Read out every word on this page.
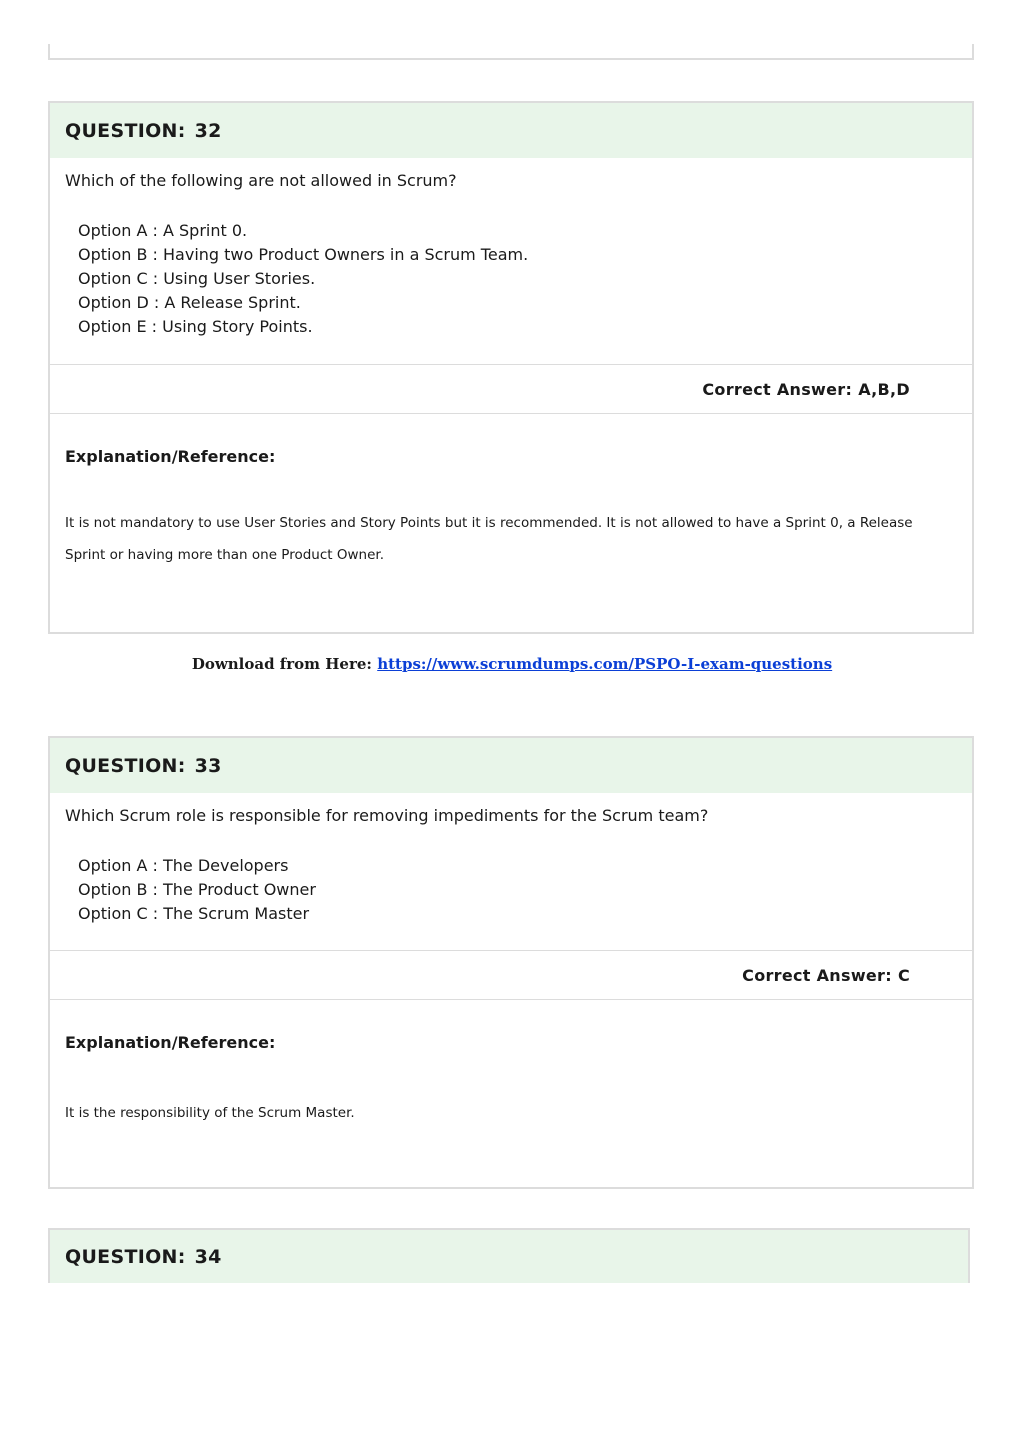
QUESTION: 32
Which of the following are not allowed in Scrum?
Option A : A Sprint 0.
Option B : Having two Product Owners in a Scrum Team.
Option C : Using User Stories.
Option D : A Release Sprint.
Option E : Using Story Points.
Correct Answer: A,B,D
Explanation/Reference:
It is not mandatory to use User Stories and Story Points but it is recommended. It is not allowed to have a Sprint 0, a Release Sprint or having more than one Product Owner.
Download from Here: https://www.scrumdumps.com/PSPO-I-exam-questions
QUESTION: 33
Which Scrum role is responsible for removing impediments for the Scrum team?
Option A : The Developers
Option B : The Product Owner
Option C : The Scrum Master
Correct Answer: C
Explanation/Reference:
It is the responsibility of the Scrum Master.
QUESTION: 34
